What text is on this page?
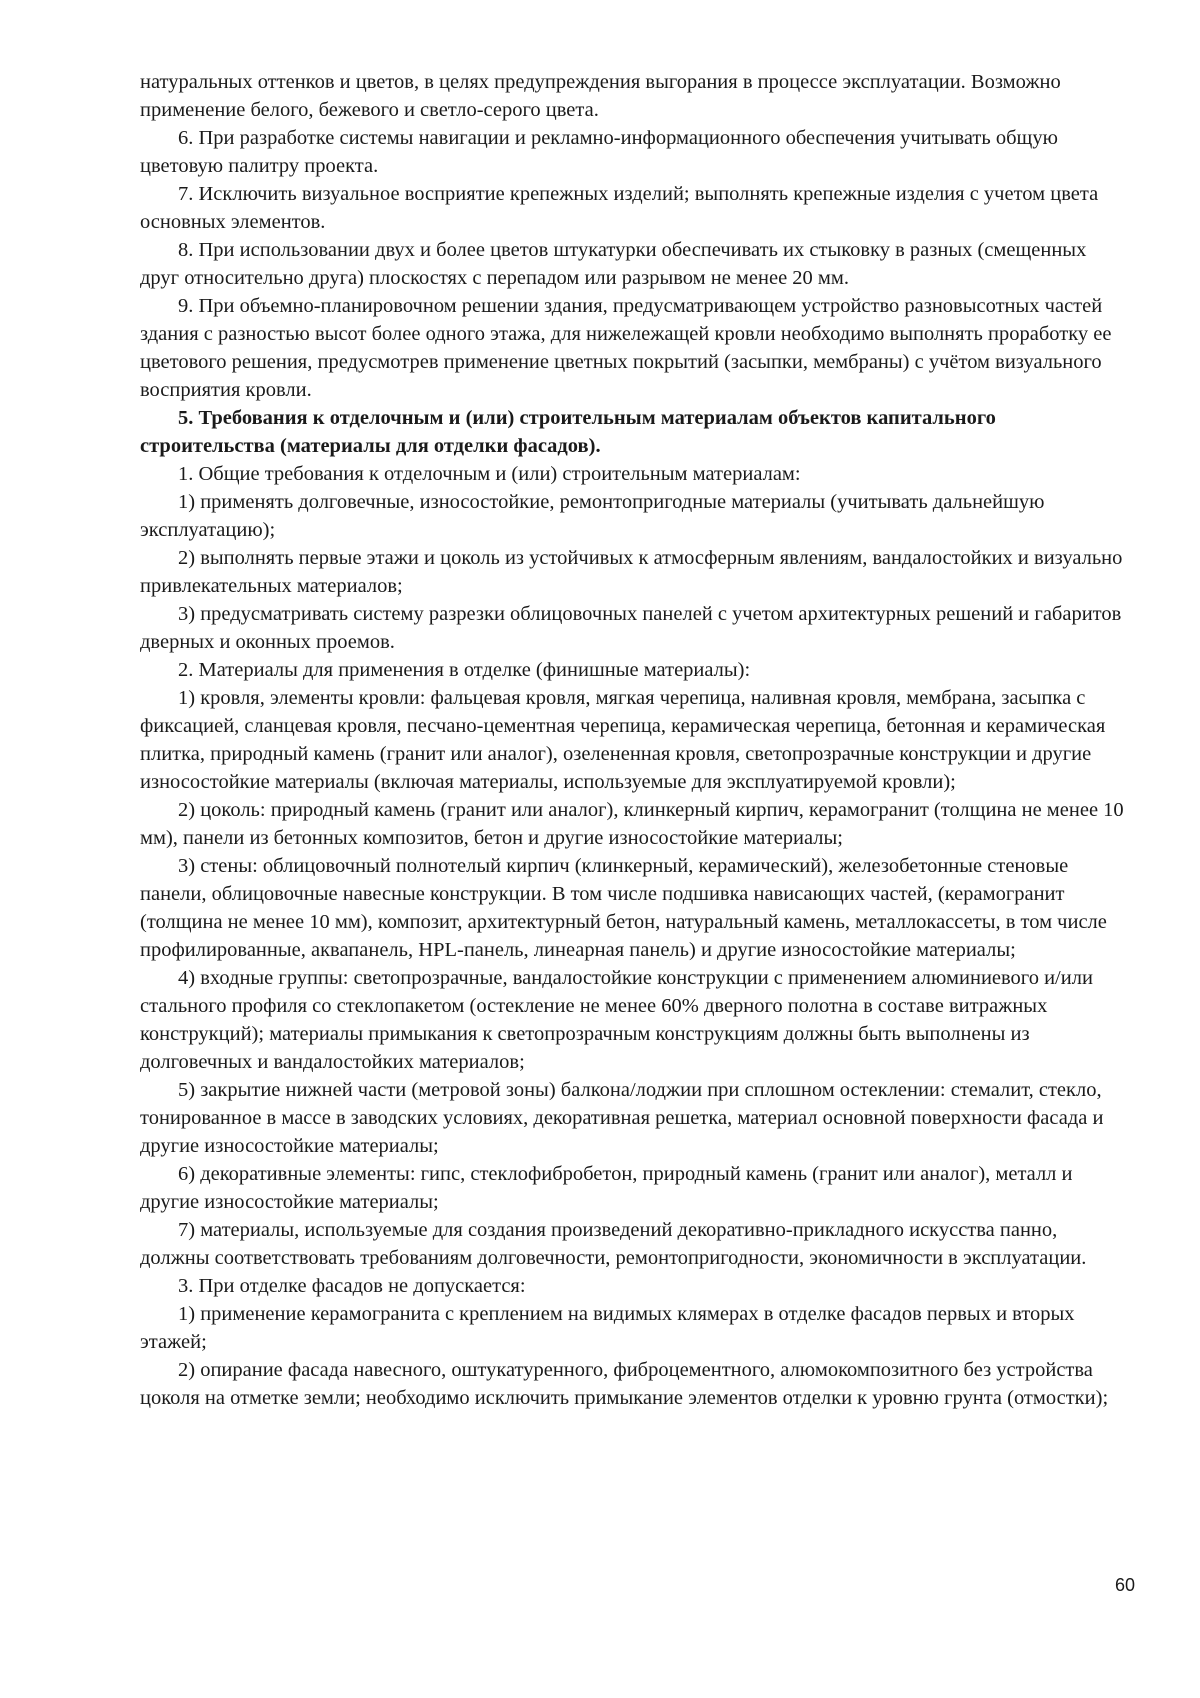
натуральных оттенков и цветов, в целях предупреждения выгорания в процессе эксплуатации. Возможно применение белого, бежевого и светло-серого цвета.

6. При разработке системы навигации и рекламно-информационного обеспечения учитывать общую цветовую палитру проекта.

7. Исключить визуальное восприятие крепежных изделий; выполнять крепежные изделия с учетом цвета основных элементов.

8. При использовании двух и более цветов штукатурки обеспечивать их стыковку в разных (смещенных друг относительно друга) плоскостях с перепадом или разрывом не менее 20 мм.

9. При объемно-планировочном решении здания, предусматривающем устройство разновысотных частей здания с разностью высот более одного этажа, для нижележащей кровли необходимо выполнять проработку ее цветового решения, предусмотрев применение цветных покрытий (засыпки, мембраны) с учётом визуального восприятия кровли.

5. Требования к отделочным и (или) строительным материалам объектов капитального строительства (материалы для отделки фасадов).

1. Общие требования к отделочным и (или) строительным материалам:

1) применять долговечные, износостойкие, ремонтопригодные материалы (учитывать дальнейшую эксплуатацию);

2) выполнять первые этажи и цоколь из устойчивых к атмосферным явлениям, вандалостойких и визуально привлекательных материалов;

3) предусматривать систему разрезки облицовочных панелей с учетом архитектурных решений и габаритов дверных и оконных проемов.

2. Материалы для применения в отделке (финишные материалы):

1) кровля, элементы кровли: фальцевая кровля, мягкая черепица, наливная кровля, мембрана, засыпка с фиксацией, сланцевая кровля, песчано-цементная черепица, керамическая черепица, бетонная и керамическая плитка, природный камень (гранит или аналог), озелененная кровля, светопрозрачные конструкции и другие износостойкие материалы (включая материалы, используемые для эксплуатируемой кровли);

2) цоколь: природный камень (гранит или аналог), клинкерный кирпич, керамогранит (толщина не менее 10 мм), панели из бетонных композитов, бетон и другие износостойкие материалы;

3) стены: облицовочный полнотелый кирпич (клинкерный, керамический), железобетонные стеновые панели, облицовочные навесные конструкции. В том числе подшивка нависающих частей, (керамогранит (толщина не менее 10 мм), композит, архитектурный бетон, натуральный камень, металлокассеты, в том числе профилированные, аквапанель, HPL-панель, линеарная панель) и другие износостойкие материалы;

4) входные группы: светопрозрачные, вандалостойкие конструкции с применением алюминиевого и/или стального профиля со стеклопакетом (остекление не менее 60% дверного полотна в составе витражных конструкций); материалы примыкания к светопрозрачным конструкциям должны быть выполнены из долговечных и вандалостойких материалов;

5) закрытие нижней части (метровой зоны) балкона/лоджии при сплошном остеклении: стемалит, стекло, тонированное в массе в заводских условиях, декоративная решетка, материал основной поверхности фасада и другие износостойкие материалы;

6) декоративные элементы: гипс, стеклофибробетон, природный камень (гранит или аналог), металл и другие износостойкие материалы;

7) материалы, используемые для создания произведений декоративно-прикладного искусства панно, должны соответствовать требованиям долговечности, ремонтопригодности, экономичности в эксплуатации.

3. При отделке фасадов не допускается:

1) применение керамогранита с креплением на видимых клямерах в отделке фасадов первых и вторых этажей;

2) опирание фасада навесного, оштукатуренного, фиброцементного, алюмокомпозитного без устройства цоколя на отметке земли; необходимо исключить примыкание элементов отделки к уровню грунта (отмостки);

60
